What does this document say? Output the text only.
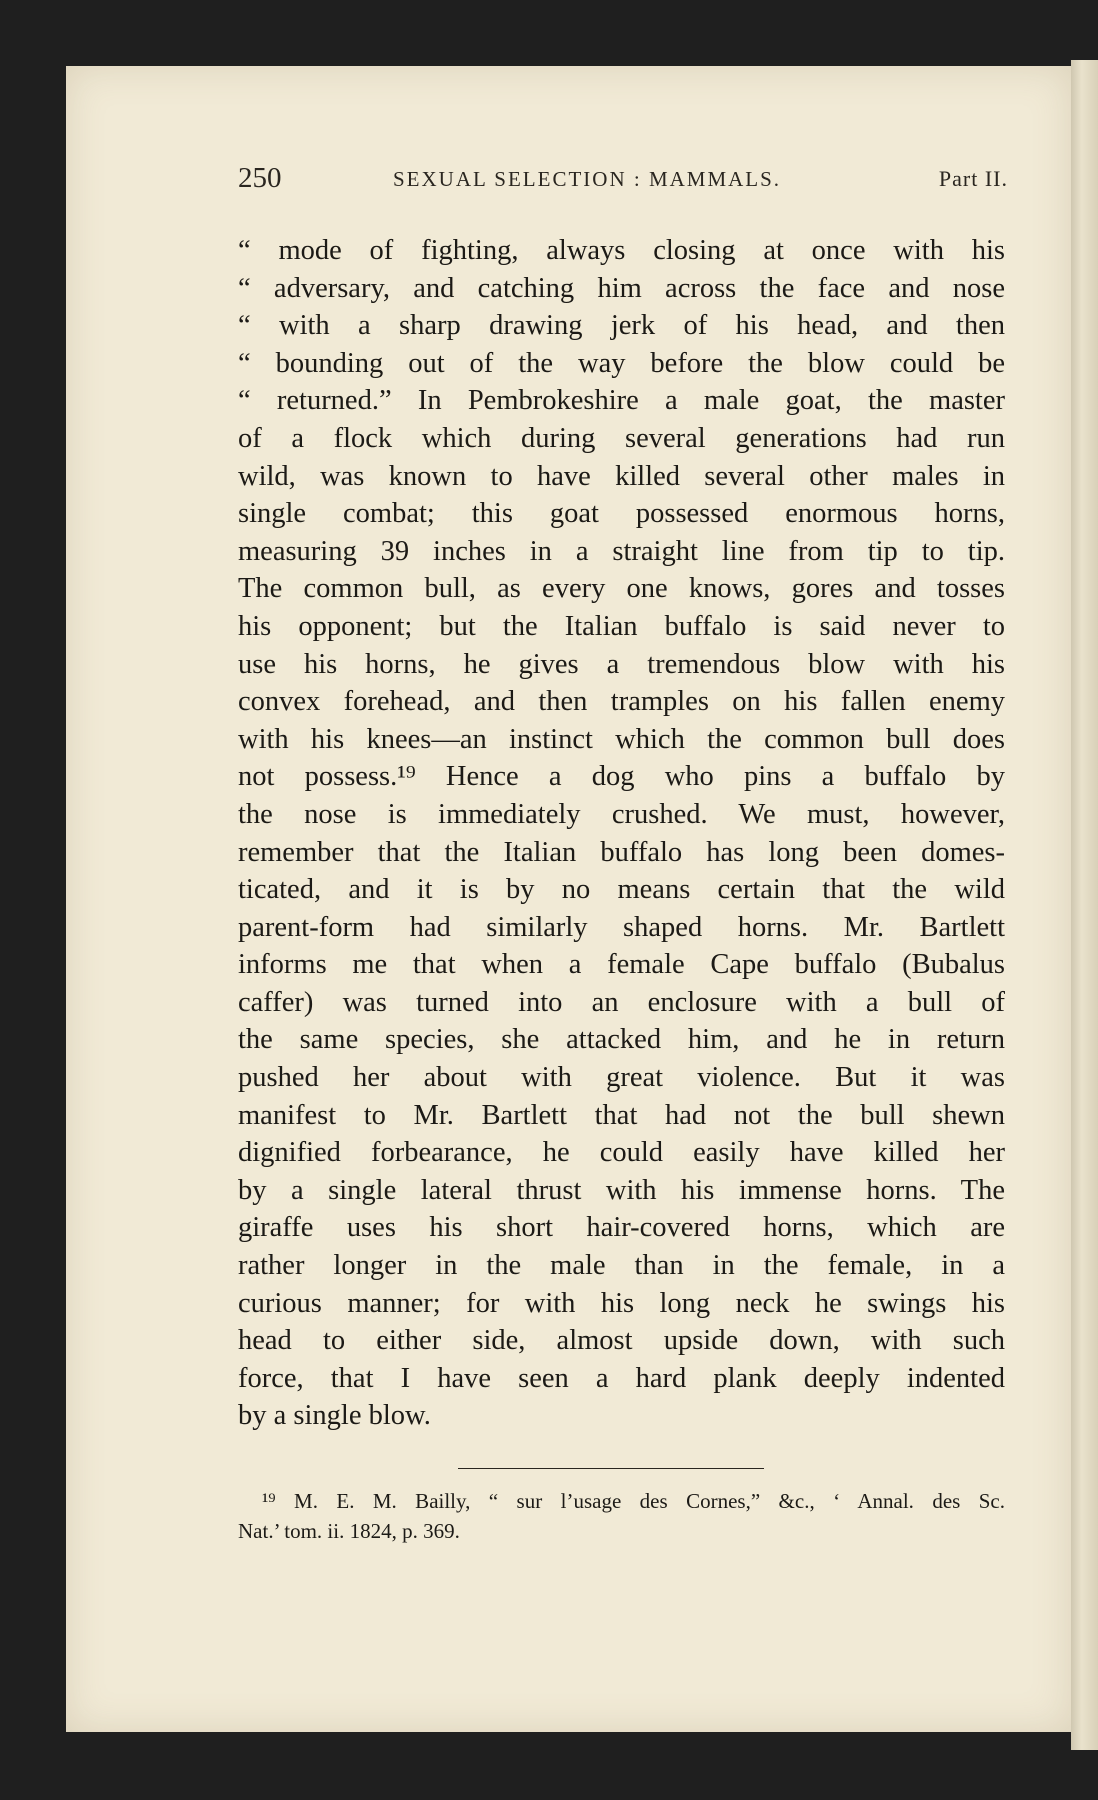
250	SEXUAL SELECTION : MAMMALS.	Part II.
“ mode of fighting, always closing at once with his
“ adversary, and catching him across the face and nose
“ with a sharp drawing jerk of his head, and then
“ bounding out of the way before the blow could be
“ returned.” In Pembrokeshire a male goat, the master
of a flock which during several generations had run
wild, was known to have killed several other males in
single combat; this goat possessed enormous horns,
measuring 39 inches in a straight line from tip to tip.
The common bull, as every one knows, gores and tosses
his opponent; but the Italian buffalo is said never to
use his horns, he gives a tremendous blow with his
convex forehead, and then tramples on his fallen enemy
with his knees—an instinct which the common bull does
not possess.¹⁹ Hence a dog who pins a buffalo by
the nose is immediately crushed. We must, however,
remember that the Italian buffalo has long been domes-
ticated, and it is by no means certain that the wild
parent-form had similarly shaped horns. Mr. Bartlett
informs me that when a female Cape buffalo (Bubalus
caffer) was turned into an enclosure with a bull of
the same species, she attacked him, and he in return
pushed her about with great violence. But it was
manifest to Mr. Bartlett that had not the bull shewn
dignified forbearance, he could easily have killed her
by a single lateral thrust with his immense horns. The
giraffe uses his short hair-covered horns, which are
rather longer in the male than in the female, in a
curious manner; for with his long neck he swings his
head to either side, almost upside down, with such
force, that I have seen a hard plank deeply indented
by a single blow.
¹⁹ M. E. M. Bailly, “ sur l’usage des Cornes,” &c., ‘ Annal. des Sc.
Nat.’ tom. ii. 1824, p. 369.
